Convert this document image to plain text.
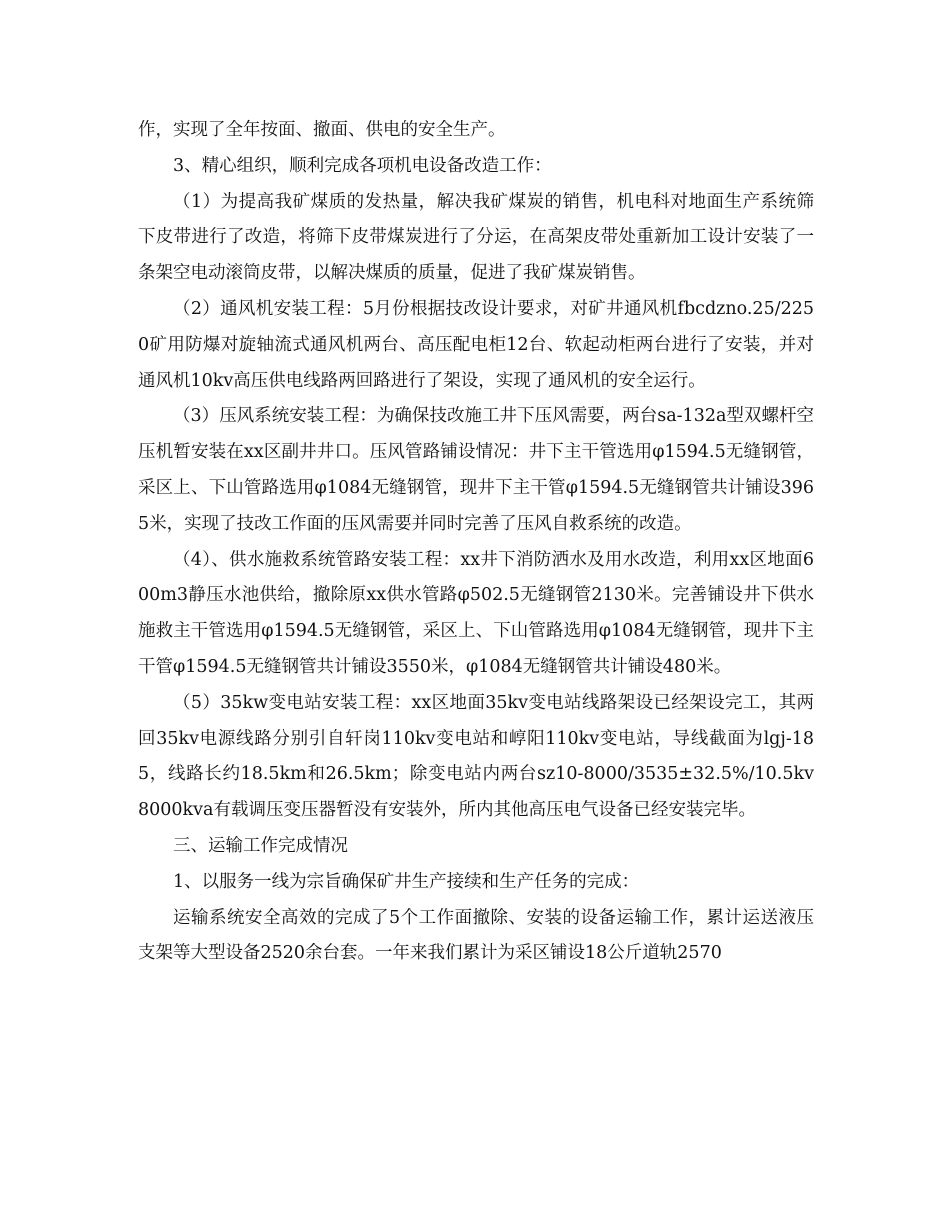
作，实现了全年按面、撤面、供电的安全生产。

3、精心组织，顺利完成各项机电设备改造工作：

（1）为提高我矿煤质的发热量，解决我矿煤炭的销售，机电科对地面生产系统筛下皮带进行了改造，将筛下皮带煤炭进行了分运，在高架皮带处重新加工设计安装了一条架空电动滚筒皮带，以解决煤质的质量，促进了我矿煤炭销售。

（2）通风机安装工程：5月份根据技改设计要求，对矿井通风机fbcdzno.25/2250矿用防爆对旋轴流式通风机两台、高压配电柜12台、软起动柜两台进行了安装，并对通风机10kv高压供电线路两回路进行了架设，实现了通风机的安全运行。

（3）压风系统安装工程：为确保技改施工井下压风需要，两台sa-132a型双螺杆空压机暂安装在xx区副井井口。压风管路铺设情况：井下主干管选用φ1594.5无缝钢管，采区上、下山管路选用φ1084无缝钢管，现井下主干管φ1594.5无缝钢管共计铺设3965米，实现了技改工作面的压风需要并同时完善了压风自救系统的改造。

（4）、供水施救系统管路安装工程：xx井下消防洒水及用水改造，利用xx区地面600m3静压水池供给，撤除原xx供水管路φ502.5无缝钢管2130米。完善铺设井下供水施救主干管选用φ1594.5无缝钢管，采区上、下山管路选用φ1084无缝钢管，现井下主干管φ1594.5无缝钢管共计铺设3550米，φ1084无缝钢管共计铺设480米。

（5）35kw变电站安装工程：xx区地面35kv变电站线路架设已经架设完工，其两回35kv电源线路分别引自轩岗110kv变电站和崞阳110kv变电站，导线截面为lgj-185，线路长约18.5km和26.5km；除变电站内两台sz10-8000/3535±32.5%/10.5kv8000kva有载调压变压器暂没有安装外，所内其他高压电气设备已经安装完毕。

三、运输工作完成情况

1、以服务一线为宗旨确保矿井生产接续和生产任务的完成：

运输系统安全高效的完成了5个工作面撤除、安装的设备运输工作，累计运送液压支架等大型设备2520余台套。一年来我们累计为采区铺设18公斤道轨2570
